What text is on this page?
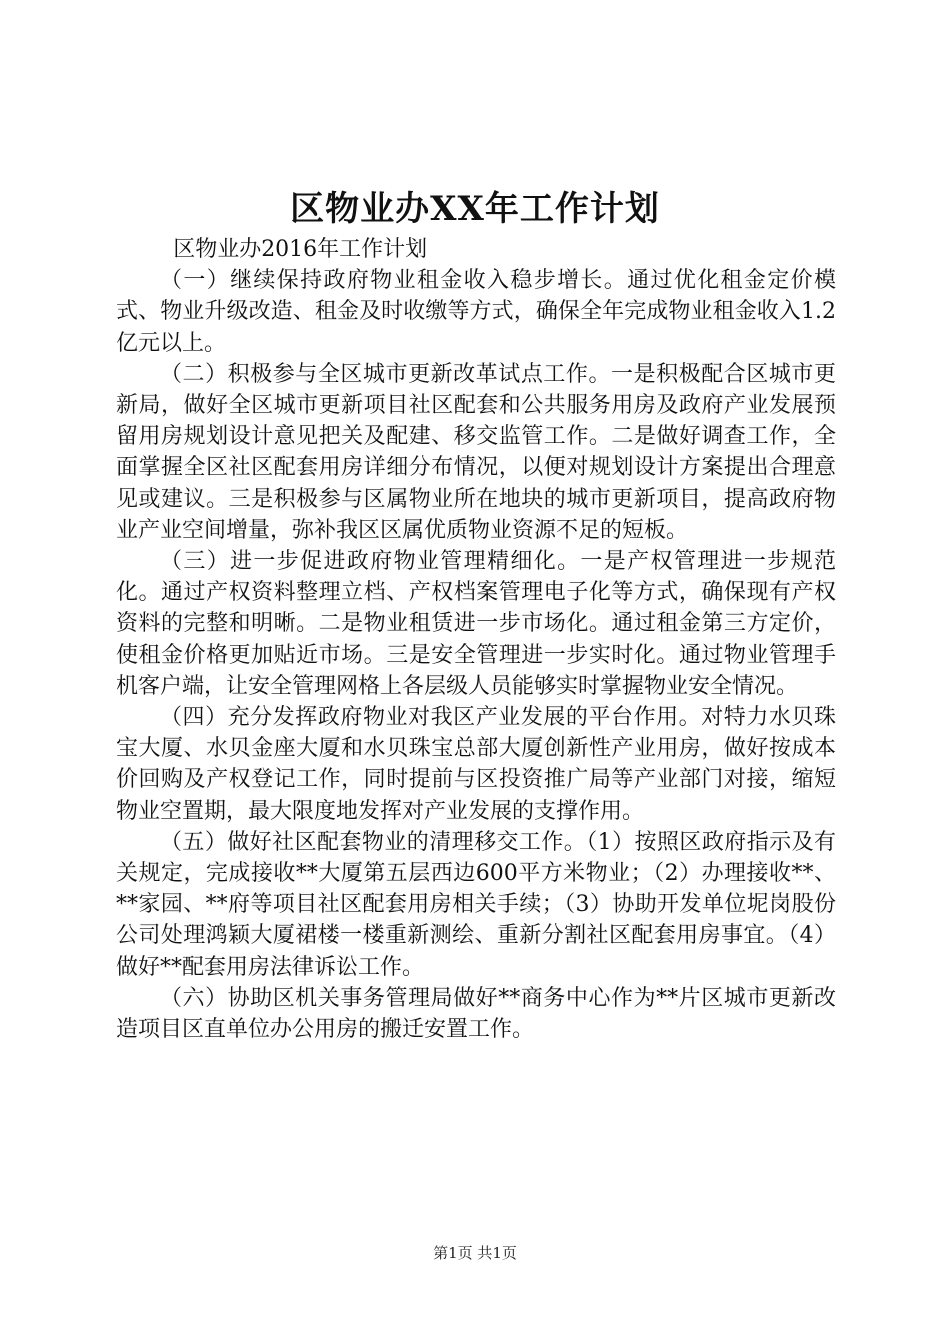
区物业办XX年工作计划

区物业办2016年工作计划

（一）继续保持政府物业租金收入稳步增长。通过优化租金定价模式、物业升级改造、租金及时收缴等方式，确保全年完成物业租金收入1.2亿元以上。

（二）积极参与全区城市更新改革试点工作。一是积极配合区城市更新局，做好全区城市更新项目社区配套和公共服务用房及政府产业发展预留用房规划设计意见把关及配建、移交监管工作。二是做好调查工作，全面掌握全区社区配套用房详细分布情况，以便对规划设计方案提出合理意见或建议。三是积极参与区属物业所在地块的城市更新项目，提高政府物业产业空间增量，弥补我区区属优质物业资源不足的短板。

（三）进一步促进政府物业管理精细化。一是产权管理进一步规范化。通过产权资料整理立档、产权档案管理电子化等方式，确保现有产权资料的完整和明晰。二是物业租赁进一步市场化。通过租金第三方定价，使租金价格更加贴近市场。三是安全管理进一步实时化。通过物业管理手机客户端，让安全管理网格上各层级人员能够实时掌握物业安全情况。

（四）充分发挥政府物业对我区产业发展的平台作用。对特力水贝珠宝大厦、水贝金座大厦和水贝珠宝总部大厦创新性产业用房，做好按成本价回购及产权登记工作，同时提前与区投资推广局等产业部门对接，缩短物业空置期，最大限度地发挥对产业发展的支撑作用。

（五）做好社区配套物业的清理移交工作。（1）按照区政府指示及有关规定，完成接收**大厦第五层西边600平方米物业；（2）办理接收**、**家园、**府等项目社区配套用房相关手续；（3）协助开发单位坭岗股份公司处理鸿颖大厦裙楼一楼重新测绘、重新分割社区配套用房事宜。（4）做好**配套用房法律诉讼工作。

（六）协助区机关事务管理局做好**商务中心作为**片区城市更新改造项目区直单位办公用房的搬迁安置工作。

第1页 共1页
